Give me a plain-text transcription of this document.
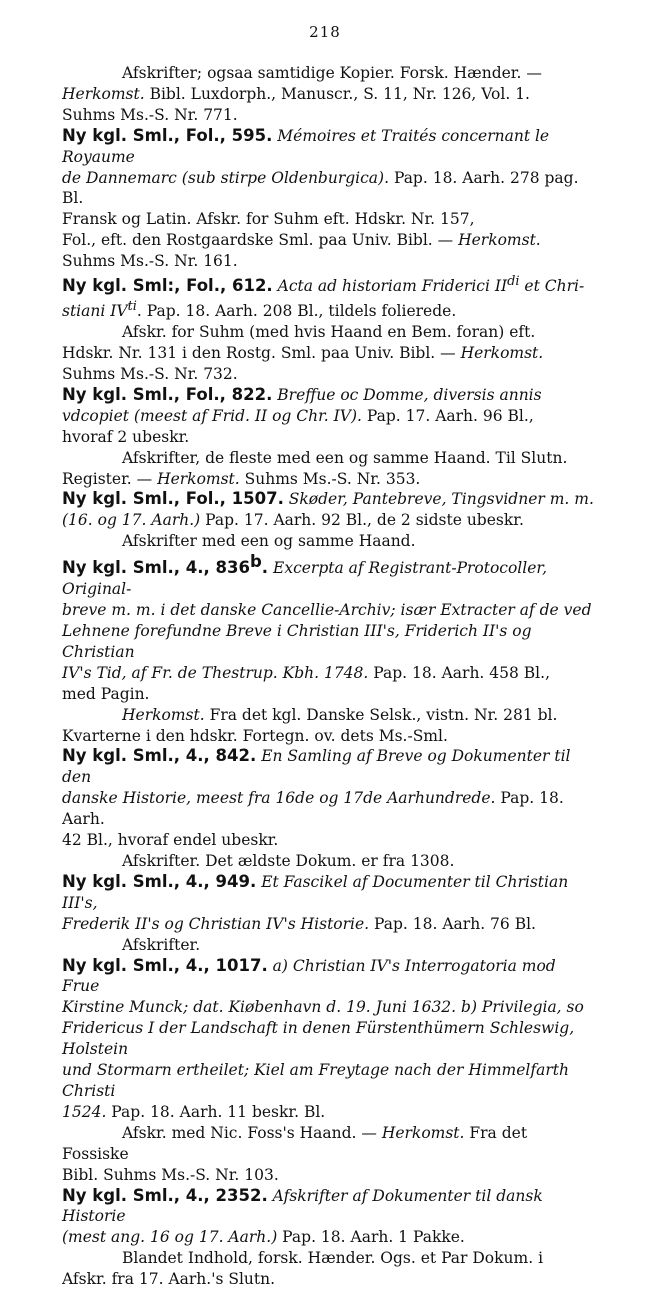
218

Afskrifter; ogsaa samtidige Kopier. Forsk. Hænder. —

Herkomst. Bibl. Luxdorph., Manuscr., S. 11, Nr. 126, Vol. 1.

Suhms Ms.-S. Nr. 771.

Ny kgl. Sml., Fol., 595. Mémoires et Traités concernant le Royaume

de Dannemarc (sub stirpe Oldenburgica). Pap. 18. Aarh. 278 pag. Bl.

Fransk og Latin. Afskr. for Suhm eft. Hdskr. Nr. 157,

Fol., eft. den Rostgaardske Sml. paa Univ. Bibl. — Herkomst.

Suhms Ms.-S. Nr. 161.

Ny kgl. Sml:, Fol., 612. Acta ad historiam Friderici $II^{di}$ et Chri-

stiani $IV^{ti}$. Pap. 18. Aarh. 208 Bl., tildels folierede.

Afskr. for Suhm (med hvis Haand en Bem. foran) eft.

Hdskr. Nr. 131 i den Rostg. Sml. paa Univ. Bibl. — Herkomst.

Suhms Ms.-S. Nr. 732.

Ny kgl. Sml., Fol., 822. Breffue oc Domme, diversis annis

vdcopiet (meest af Frid. II og Chr. IV). Pap. 17. Aarh. 96 Bl.,

hvoraf 2 ubeskr.

Afskrifter, de fleste med een og samme Haand. Til Slutn.

Register. — Herkomst. Suhms Ms.-S. Nr. 353.

Ny kgl. Sml., Fol., 1507. Skøder, Pantebreve, Tingsvidner m. m.

(16. og 17. Aarh.) Pap. 17. Aarh. 92 Bl., de 2 sidste ubeskr.

Afskrifter med een og samme Haand.

Ny kgl. Sml., 4., 836$^b$. Excerpta af Registrant-Protocoller, Original-

breve m. m. i det danske Cancellie-Archiv; især Extracter af de ved

Lehnene forefundne Breve i Christian III's, Friderich II's og Christian

IV's Tid, af Fr. de Thestrup. Kbh. 1748. Pap. 18. Aarh. 458 Bl.,

med Pagin.

Herkomst. Fra det kgl. Danske Selsk., vistn. Nr. 281 bl.

Kvarterne i den hdskr. Fortegn. ov. dets Ms.-Sml.

Ny kgl. Sml., 4., 842. En Samling af Breve og Dokumenter til den

danske Historie, meest fra 16de og 17de Aarhundrede. Pap. 18. Aarh.

42 Bl., hvoraf endel ubeskr.

Afskrifter. Det ældste Dokum. er fra 1308.

Ny kgl. Sml., 4., 949. Et Fascikel af Documenter til Christian III's,

Frederik II's og Christian IV's Historie. Pap. 18. Aarh. 76 Bl.

Afskrifter.

Ny kgl. Sml., 4., 1017. a) Christian IV's Interrogatoria mod Frue

Kirstine Munck; dat. Kiøbenhavn d. 19. Juni 1632. b) Privilegia, so

Fridericus I der Landschaft in denen Fürstenthümern Schleswig, Holstein

und Stormarn ertheilet; Kiel am Freytage nach der Himmelfarth Christi

1524. Pap. 18. Aarh. 11 beskr. Bl.

Afskr. med Nic. Foss's Haand. — Herkomst. Fra det Fossiske

Bibl. Suhms Ms.-S. Nr. 103.

Ny kgl. Sml., 4., 2352. Afskrifter af Dokumenter til dansk Historie

(mest ang. 16 og 17. Aarh.) Pap. 18. Aarh. 1 Pakke.

Blandet Indhold, forsk. Hænder. Ogs. et Par Dokum. i

Afskr. fra 17. Aarh.'s Slutn.
